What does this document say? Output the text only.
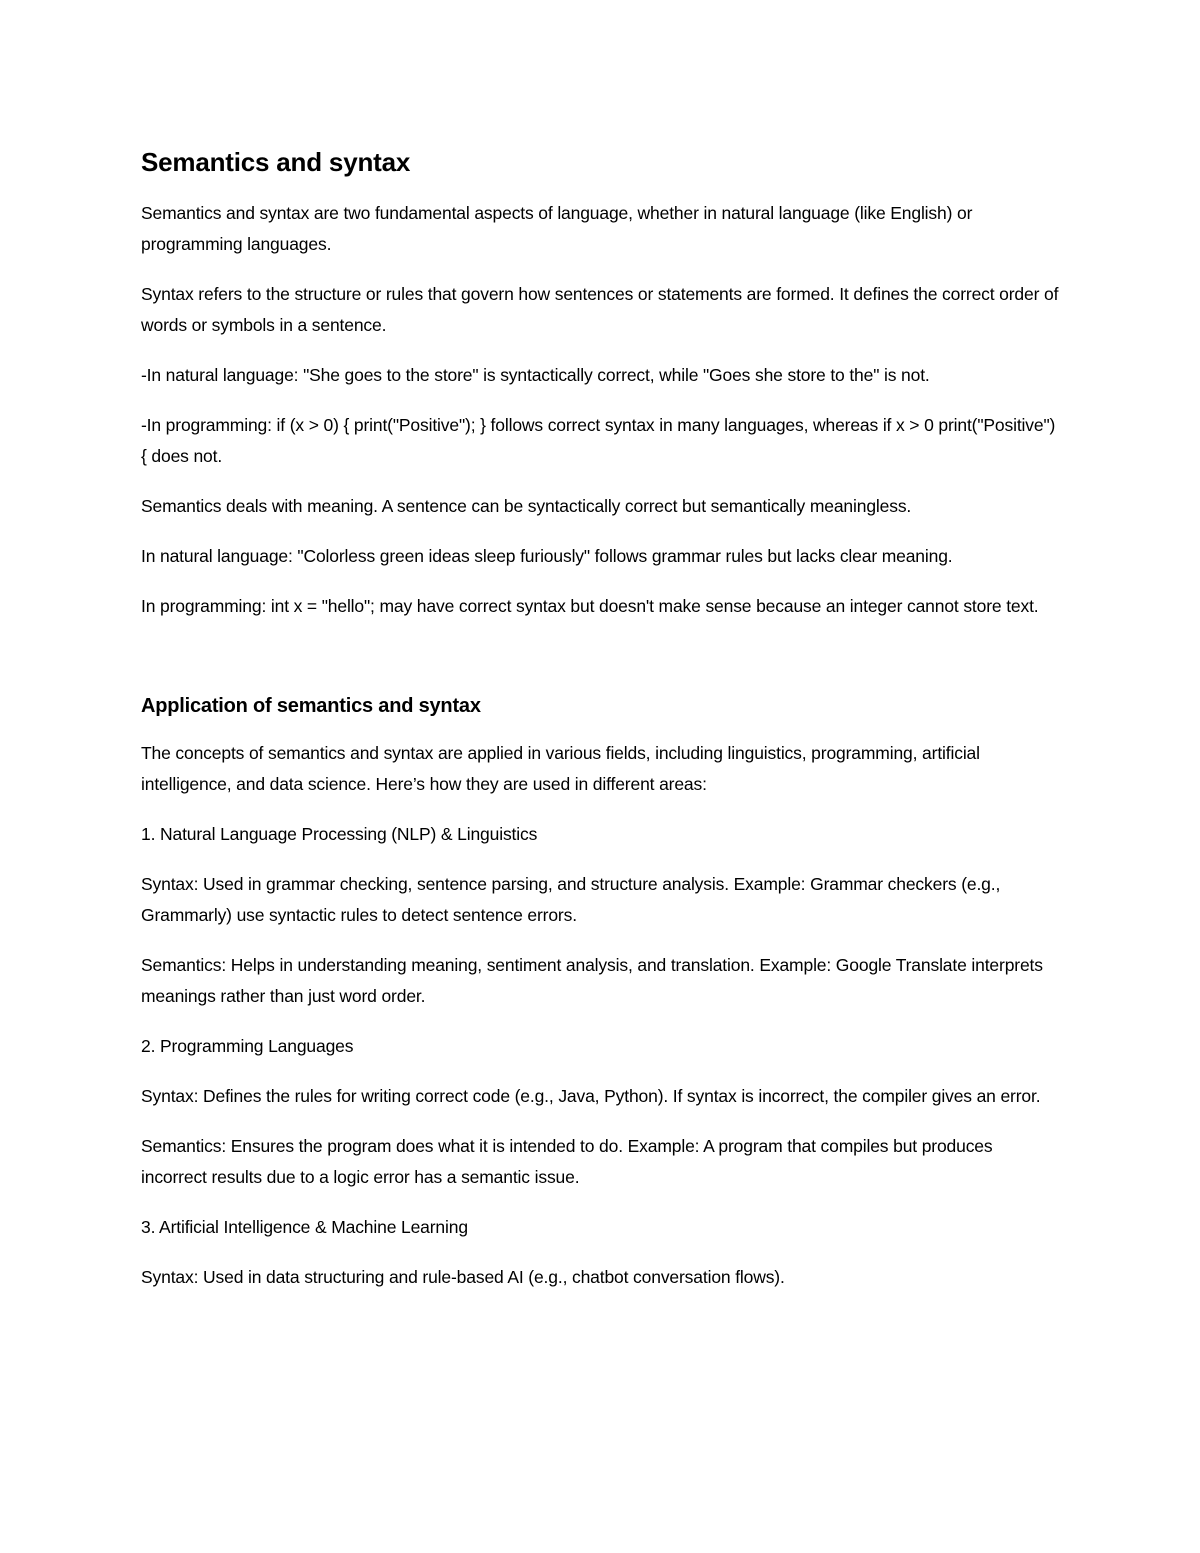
Semantics and syntax

Semantics and syntax are two fundamental aspects of language, whether in natural language (like English) or programming languages.

Syntax refers to the structure or rules that govern how sentences or statements are formed. It defines the correct order of words or symbols in a sentence.

-In natural language: "She goes to the store" is syntactically correct, while "Goes she store to the" is not.

-In programming: if (x > 0) { print("Positive"); } follows correct syntax in many languages, whereas if x > 0 print("Positive") { does not.

Semantics deals with meaning. A sentence can be syntactically correct but semantically meaningless.

In natural language: "Colorless green ideas sleep furiously" follows grammar rules but lacks clear meaning.

In programming: int x = "hello"; may have correct syntax but doesn't make sense because an integer cannot store text.

Application of semantics and syntax

The concepts of semantics and syntax are applied in various fields, including linguistics, programming, artificial intelligence, and data science. Here’s how they are used in different areas:

1. Natural Language Processing (NLP) & Linguistics

Syntax: Used in grammar checking, sentence parsing, and structure analysis. Example: Grammar checkers (e.g., Grammarly) use syntactic rules to detect sentence errors.

Semantics: Helps in understanding meaning, sentiment analysis, and translation. Example: Google Translate interprets meanings rather than just word order.

2. Programming Languages

Syntax: Defines the rules for writing correct code (e.g., Java, Python). If syntax is incorrect, the compiler gives an error.

Semantics: Ensures the program does what it is intended to do. Example: A program that compiles but produces incorrect results due to a logic error has a semantic issue.

3. Artificial Intelligence & Machine Learning

Syntax: Used in data structuring and rule-based AI (e.g., chatbot conversation flows).
